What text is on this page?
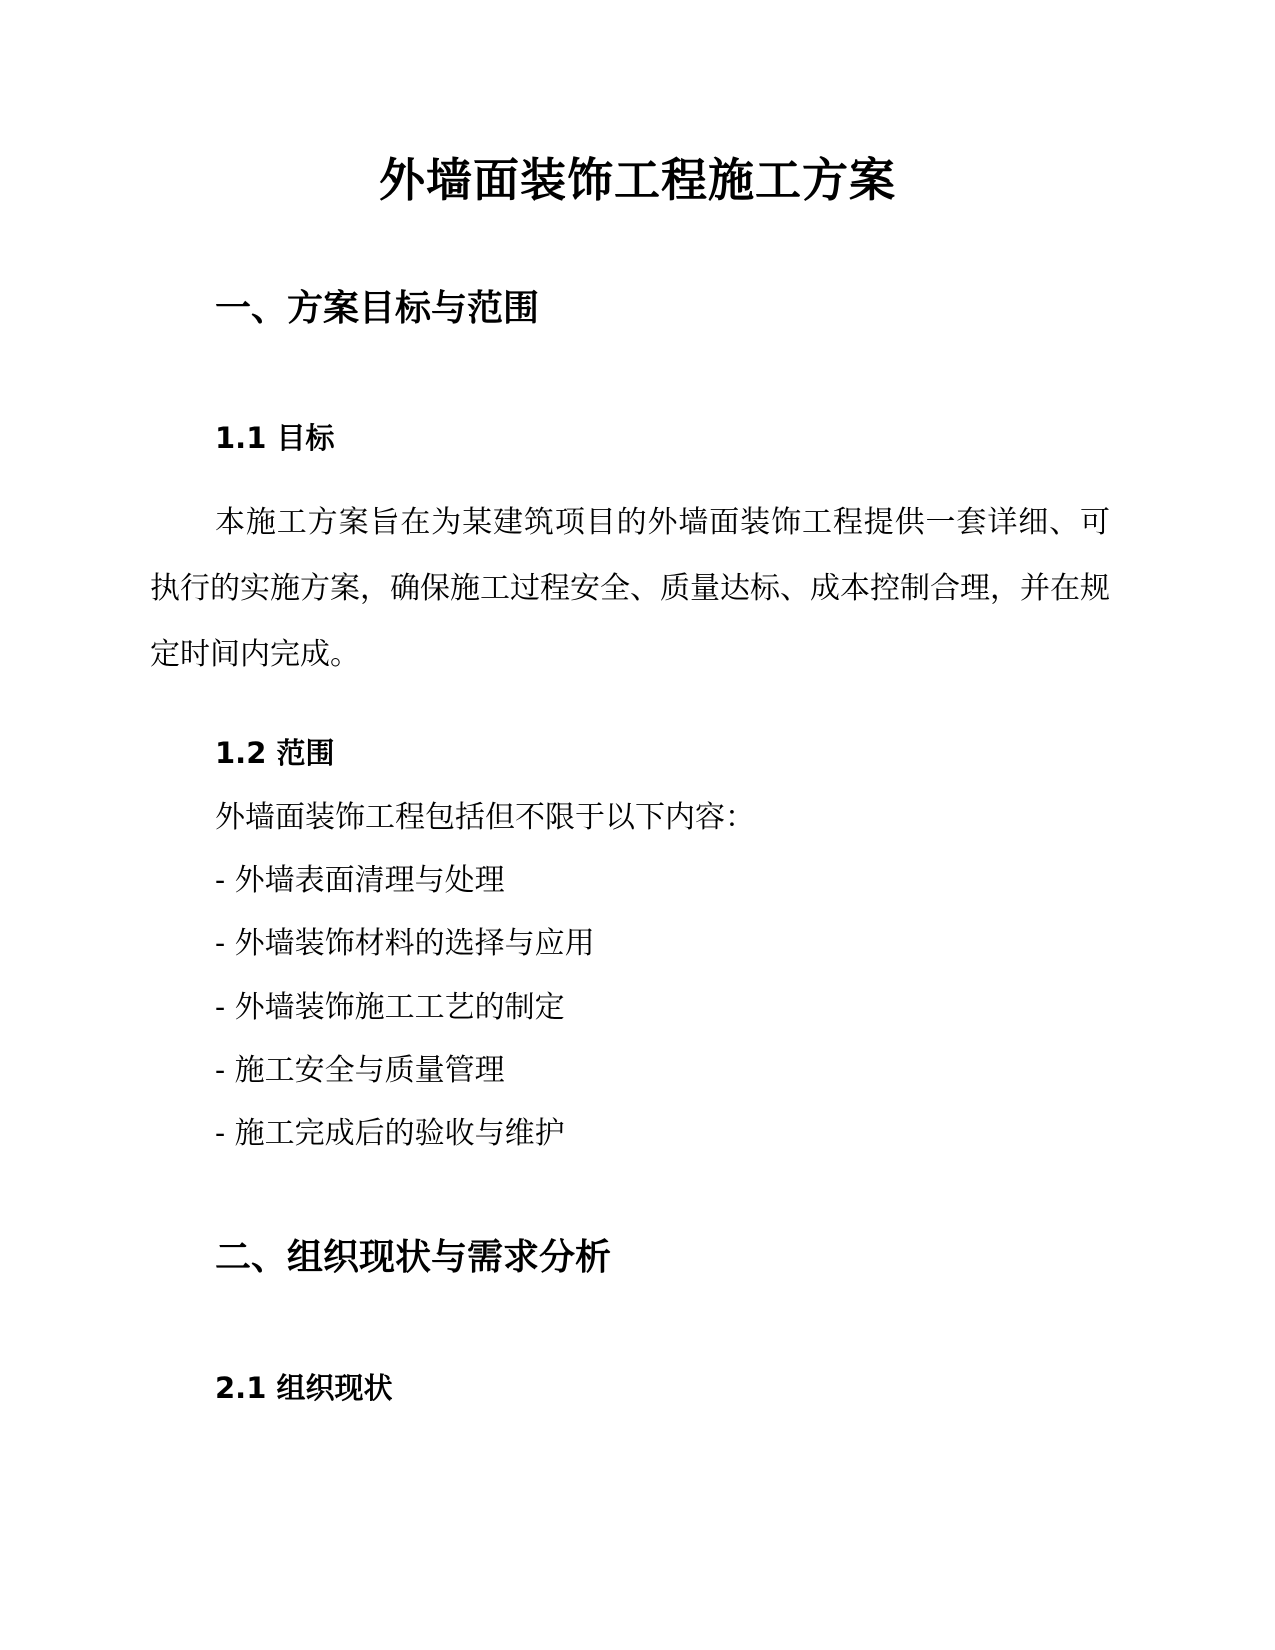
外墙面装饰工程施工方案
一、方案目标与范围
1.1 目标
本施工方案旨在为某建筑项目的外墙面装饰工程提供一套详细、可执行的实施方案，确保施工过程安全、质量达标、成本控制合理，并在规定时间内完成。
1.2 范围
外墙面装饰工程包括但不限于以下内容：
- 外墙表面清理与处理
- 外墙装饰材料的选择与应用
- 外墙装饰施工工艺的制定
- 施工安全与质量管理
- 施工完成后的验收与维护
二、组织现状与需求分析
2.1 组织现状
